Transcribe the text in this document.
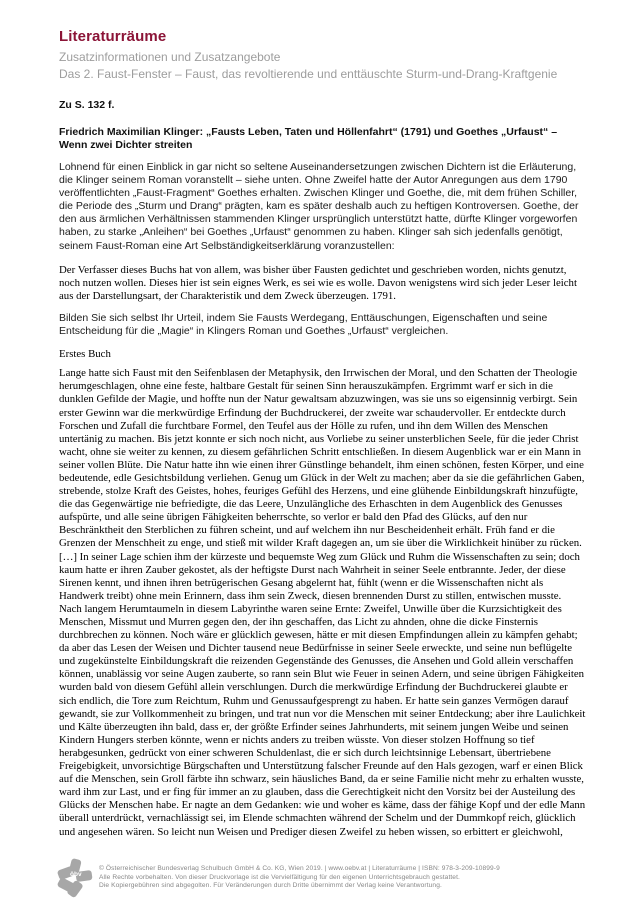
Literaturräume
Zusatzinformationen und Zusatzangebote
Das 2. Faust-Fenster – Faust, das revoltierende und enttäuschte Sturm-und-Drang-Kraftgenie

Zu S. 132 f.

Friedrich Maximilian Klinger: „Fausts Leben, Taten und Höllenfahrt“ (1791) und Goethes „Urfaust“ –
Wenn zwei Dichter streiten

Lohnend für einen Einblick in gar nicht so seltene Auseinandersetzungen zwischen Dichtern ist die Erläuterung, die Klinger seinem Roman voranstellt – siehe unten. Ohne Zweifel hatte der Autor Anregungen aus dem 1790 veröffentlichten „Faust-Fragment“ Goethes erhalten. Zwischen Klinger und Goethe, die, mit dem frühen Schiller, die Periode des „Sturm und Drang“ prägten, kam es später deshalb auch zu heftigen Kontroversen. Goethe, der den aus ärmlichen Verhältnissen stammenden Klinger ursprünglich unterstützt hatte, dürfte Klinger vorgeworfen haben, zu starke „Anleihen“ bei Goethes „Urfaust“ genommen zu haben. Klinger sah sich jedenfalls genötigt, seinem Faust-Roman eine Art Selbständigkeitserklärung voranzustellen:

Der Verfasser dieses Buchs hat von allem, was bisher über Fausten gedichtet und geschrieben worden, nichts genutzt, noch nutzen wollen. Dieses hier ist sein eignes Werk, es sei wie es wolle. Davon wenigstens wird sich jeder Leser leicht aus der Darstellungsart, der Charakteristik und dem Zweck überzeugen. 1791.

Bilden Sie sich selbst Ihr Urteil, indem Sie Fausts Werdegang, Enttäuschungen, Eigenschaften und seine Entscheidung für die „Magie“ in Klingers Roman und Goethes „Urfaust“ vergleichen.

Erstes Buch

Lange hatte sich Faust mit den Seifenblasen der Metaphysik, den Irrwischen der Moral, und den Schatten der Theologie herumgeschlagen, ohne eine feste, haltbare Gestalt für seinen Sinn herauszukämpfen. Ergrimmt warf er sich in die dunklen Gefilde der Magie, und hoffte nun der Natur gewaltsam abzuzwingen, was sie uns so eigensinnig verbirgt. Sein erster Gewinn war die merkwürdige Erfindung der Buchdruckerei, der zweite war schaudervoller. Er entdeckte durch Forschen und Zufall die furchtbare Formel, den Teufel aus der Hölle zu rufen, und ihn dem Willen des Menschen untertänig zu machen. Bis jetzt konnte er sich noch nicht, aus Vorliebe zu seiner unsterblichen Seele, für die jeder Christ wacht, ohne sie weiter zu kennen, zu diesem gefährlichen Schritt entschließen. In diesem Augenblick war er ein Mann in seiner vollen Blüte. Die Natur hatte ihn wie einen ihrer Günstlinge behandelt, ihm einen schönen, festen Körper, und eine bedeutende, edle Gesichtsbildung verliehen. Genug um Glück in der Welt zu machen; aber da sie die gefährlichen Gaben, strebende, stolze Kraft des Geistes, hohes, feuriges Gefühl des Herzens, und eine glühende Einbildungskraft hinzufügte, die das Gegenwärtige nie befriedigte, die das Leere, Unzulängliche des Erhaschten in dem Augenblick des Genusses aufspürte, und alle seine übrigen Fähigkeiten beherrschte, so verlor er bald den Pfad des Glücks, auf den nur Beschränktheit den Sterblichen zu führen scheint, und auf welchem ihn nur Bescheidenheit erhält. Früh fand er die Grenzen der Menschheit zu enge, und stieß mit wilder Kraft dagegen an, um sie über die Wirklichkeit hinüber zu rücken. […] In seiner Lage schien ihm der kürzeste und bequemste Weg zum Glück und Ruhm die Wissenschaften zu sein; doch kaum hatte er ihren Zauber gekostet, als der heftigste Durst nach Wahrheit in seiner Seele entbrannte. Jeder, der diese Sirenen kennt, und ihnen ihren betrügerischen Gesang abgelernt hat, fühlt (wenn er die Wissenschaften nicht als Handwerk treibt) ohne mein Erinnern, dass ihm sein Zweck, diesen brennenden Durst zu stillen, entwischen musste. Nach langem Herumtaumeln in diesem Labyrinthe waren seine Ernte: Zweifel, Unwille über die Kurzsichtigkeit des Menschen, Missmut und Murren gegen den, der ihn geschaffen, das Licht zu ahnden, ohne die dicke Finsternis durchbrechen zu können. Noch wäre er glücklich gewesen, hätte er mit diesen Empfindungen allein zu kämpfen gehabt; da aber das Lesen der Weisen und Dichter tausend neue Bedürfnisse in seiner Seele erweckte, und seine nun beflügelte und zugekünstelte Einbildungskraft die reizenden Gegenstände des Genusses, die Ansehen und Gold allein verschaffen können, unablässig vor seine Augen zauberte, so rann sein Blut wie Feuer in seinen Adern, und seine übrigen Fähigkeiten wurden bald von diesem Gefühl allein verschlungen. Durch die merkwürdige Erfindung der Buchdruckerei glaubte er sich endlich, die Tore zum Reichtum, Ruhm und Genussaufgesprengt zu haben. Er hatte sein ganzes Vermögen darauf gewandt, sie zur Vollkommenheit zu bringen, und trat nun vor die Menschen mit seiner Entdeckung; aber ihre Laulichkeit und Kälte überzeugten ihn bald, dass er, der größte Erfinder seines Jahrhunderts, mit seinem jungen Weibe und seinen Kindern Hungers sterben könnte, wenn er nichts anders zu treiben wüsste. Von dieser stolzen Hoffnung so tief herabgesunken, gedrückt von einer schweren Schuldenlast, die er sich durch leichtsinnige Lebensart, übertriebene Freigebigkeit, unvorsichtige Bürgschaften und Unterstützung falscher Freunde auf den Hals gezogen, warf er einen Blick auf die Menschen, sein Groll färbte ihn schwarz, sein häusliches Band, da er seine Familie nicht mehr zu erhalten wusste, ward ihm zur Last, und er fing für immer an zu glauben, dass die Gerechtigkeit nicht den Vorsitz bei der Austeilung des Glücks der Menschen habe. Er nagte an dem Gedanken: wie und woher es käme, dass der fähige Kopf und der edle Mann überall unterdrückt, vernachlässigt sei, im Elende schmachten während der Schelm und der Dummkopf reich, glücklich und angesehen wären. So leicht nun Weisen und Prediger diesen Zweifel zu heben wissen, so erbittert er gleichwohl,

öbv
© Österreichischer Bundesverlag Schulbuch GmbH & Co. KG, Wien 2019. | www.oebv.at | Literaturräume | ISBN: 978-3-209-10899-9
Alle Rechte vorbehalten. Von dieser Druckvorlage ist die Vervielfältigung für den eigenen Unterrichtsgebrauch gestattet.
Die Kopiergebühren sind abgegolten. Für Veränderungen durch Dritte übernimmt der Verlag keine Verantwortung.
